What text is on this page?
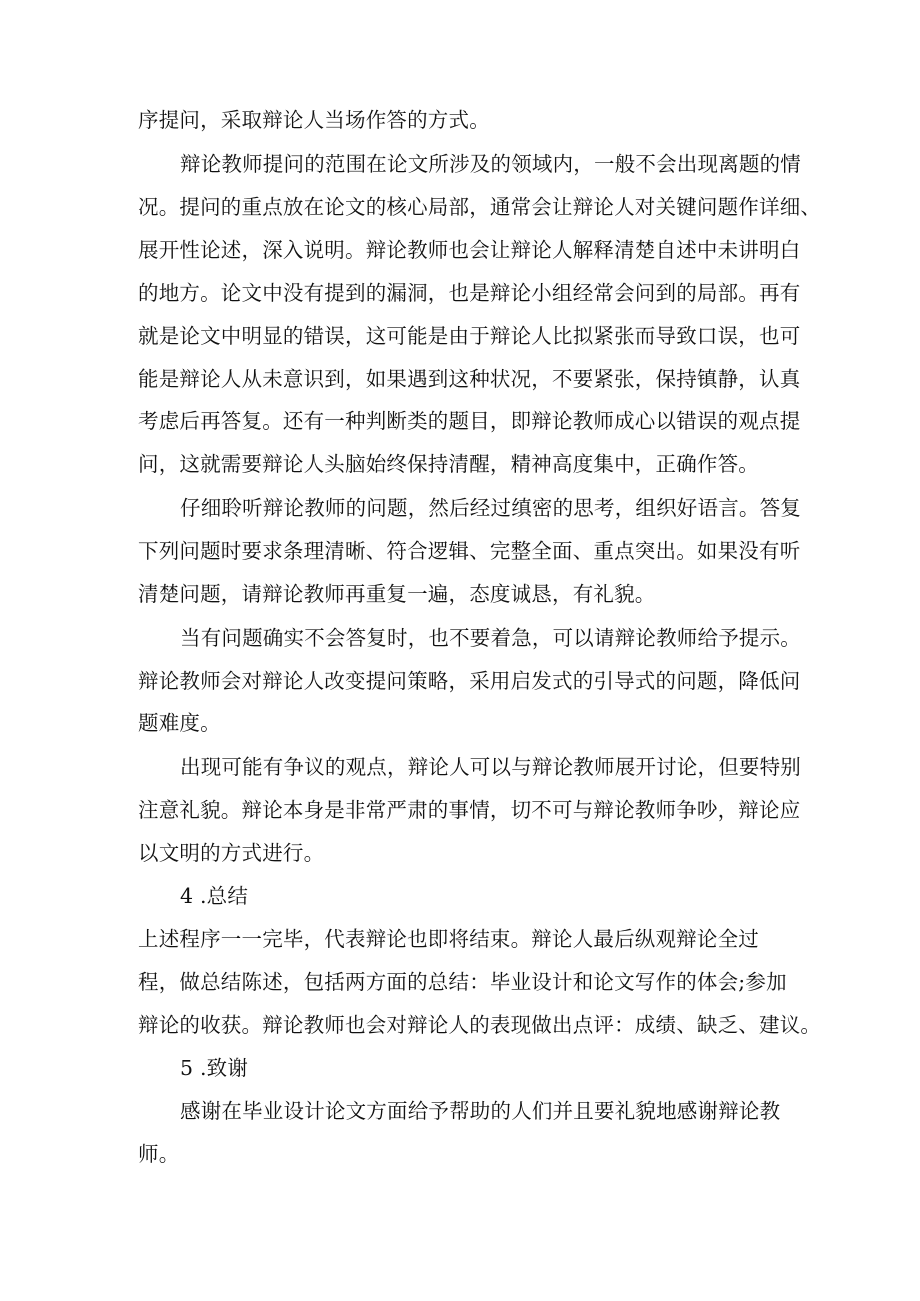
序提问，采取辩论人当场作答的方式。
辩论教师提问的范围在论文所涉及的领域内，一般不会出现离题的情
况。提问的重点放在论文的核心局部，通常会让辩论人对关键问题作详细、
展开性论述，深入说明。辩论教师也会让辩论人解释清楚自述中未讲明白
的地方。论文中没有提到的漏洞，也是辩论小组经常会问到的局部。再有
就是论文中明显的错误，这可能是由于辩论人比拟紧张而导致口误，也可
能是辩论人从未意识到，如果遇到这种状况，不要紧张，保持镇静，认真
考虑后再答复。还有一种判断类的题目，即辩论教师成心以错误的观点提
问，这就需要辩论人头脑始终保持清醒，精神高度集中，正确作答。
仔细聆听辩论教师的问题，然后经过缜密的思考，组织好语言。答复
下列问题时要求条理清晰、符合逻辑、完整全面、重点突出。如果没有听
清楚问题，请辩论教师再重复一遍，态度诚恳，有礼貌。
当有问题确实不会答复时，也不要着急，可以请辩论教师给予提示。
辩论教师会对辩论人改变提问策略，采用启发式的引导式的问题，降低问
题难度。
出现可能有争议的观点，辩论人可以与辩论教师展开讨论，但要特别
注意礼貌。辩论本身是非常严肃的事情，切不可与辩论教师争吵，辩论应
以文明的方式进行。
4 .总结
上述程序一一完毕，代表辩论也即将结束。辩论人最后纵观辩论全过
程，做总结陈述，包括两方面的总结：毕业设计和论文写作的体会;参加
辩论的收获。辩论教师也会对辩论人的表现做出点评：成绩、缺乏、建议。
5 .致谢
感谢在毕业设计论文方面给予帮助的人们并且要礼貌地感谢辩论教
师。
